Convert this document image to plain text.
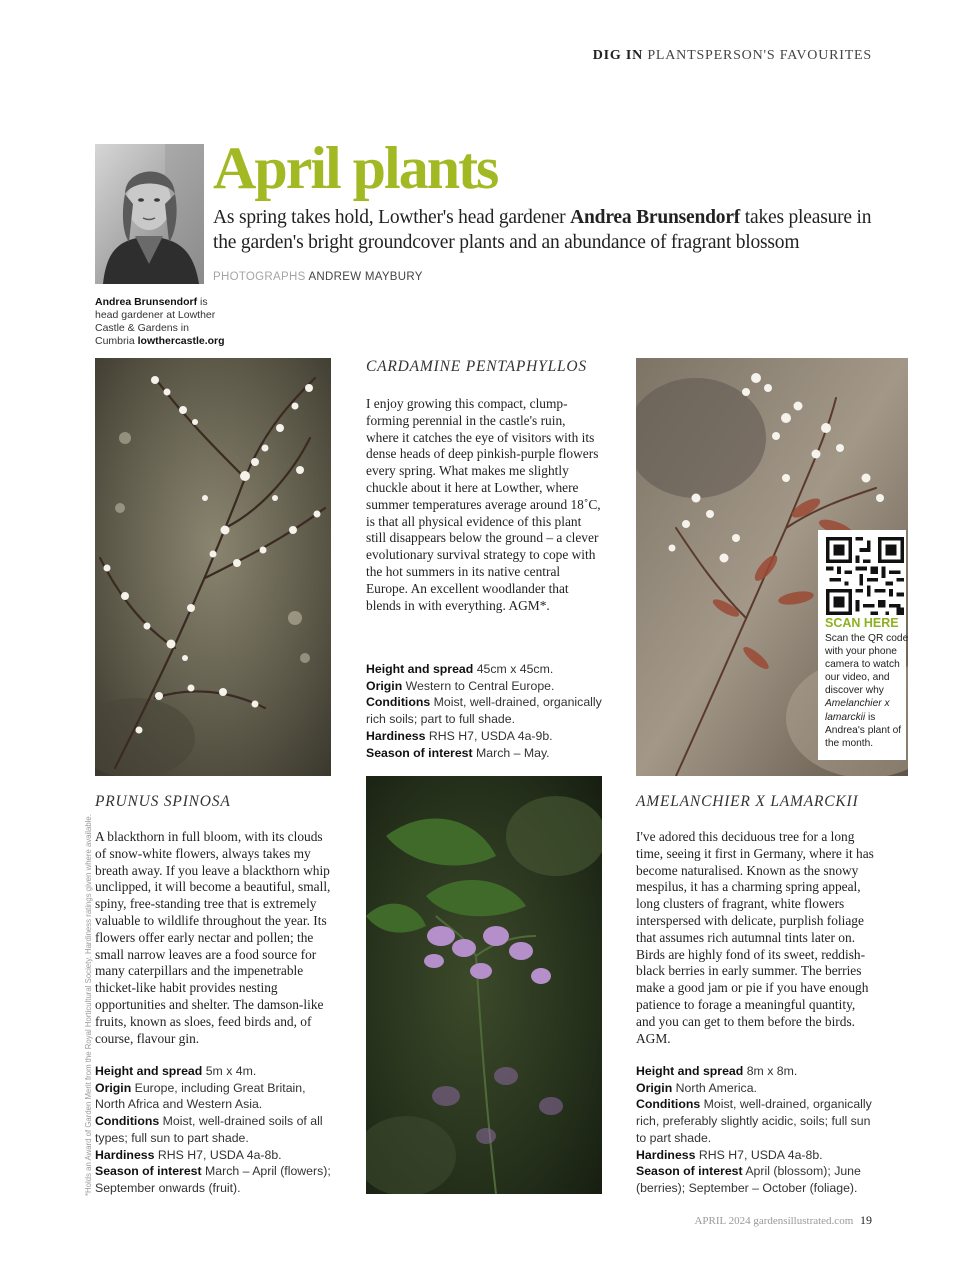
DIG IN PLANTSPERSON'S FAVOURITES
Andrea Brunsendorf is head gardener at Lowther Castle & Gardens in Cumbria lowthercastle.org
April plants
As spring takes hold, Lowther's head gardener Andrea Brunsendorf takes pleasure in the garden's bright groundcover plants and an abundance of fragrant blossom
PHOTOGRAPHS ANDREW MAYBURY
CARDAMINE PENTAPHYLLOS
I enjoy growing this compact, clump-forming perennial in the castle's ruin, where it catches the eye of visitors with its dense heads of deep pinkish-purple flowers every spring. What makes me slightly chuckle about it here at Lowther, where summer temperatures average around 18˚C, is that all physical evidence of this plant still disappears below the ground – a clever evolutionary survival strategy to cope with the hot summers in its native central Europe. An excellent woodlander that blends in with everything. AGM*.
Height and spread 45cm x 45cm.
Origin Western to Central Europe.
Conditions Moist, well-drained, organically rich soils; part to full shade.
Hardiness RHS H7, USDA 4a-9b.
Season of interest March – May.
SCAN HERE
Scan the QR code with your phone camera to watch our video, and discover why Amelanchier x lamarckii is Andrea's plant of the month.
PRUNUS SPINOSA
A blackthorn in full bloom, with its clouds of snow-white flowers, always takes my breath away. If you leave a blackthorn whip unclipped, it will become a beautiful, small, spiny, free-standing tree that is extremely valuable to wildlife throughout the year. Its flowers offer early nectar and pollen; the small narrow leaves are a food source for many caterpillars and the impenetrable thicket-like habit provides nesting opportunities and shelter. The damson-like fruits, known as sloes, feed birds and, of course, flavour gin.
Height and spread 5m x 4m.
Origin Europe, including Great Britain, North Africa and Western Asia.
Conditions Moist, well-drained soils of all types; full sun to part shade.
Hardiness RHS H7, USDA 4a-8b.
Season of interest March – April (flowers); September onwards (fruit).
AMELANCHIER X LAMARCKII
I've adored this deciduous tree for a long time, seeing it first in Germany, where it has become naturalised. Known as the snowy mespilus, it has a charming spring appeal, long clusters of fragrant, white flowers interspersed with delicate, purplish foliage that assumes rich autumnal tints later on. Birds are highly fond of its sweet, reddish-black berries in early summer. The berries make a good jam or pie if you have enough patience to forage a meaningful quantity, and you can get to them before the birds. AGM.
Height and spread 8m x 8m.
Origin North America.
Conditions Moist, well-drained, organically rich, preferably slightly acidic, soils; full sun to part shade.
Hardiness RHS H7, USDA 4a-8b.
Season of interest April (blossom); June (berries); September – October (foliage).
*Holds an Award of Garden Merit from the Royal Horticultural Society. Hardiness ratings given where available.
APRIL 2024 gardensillustrated.com 19
